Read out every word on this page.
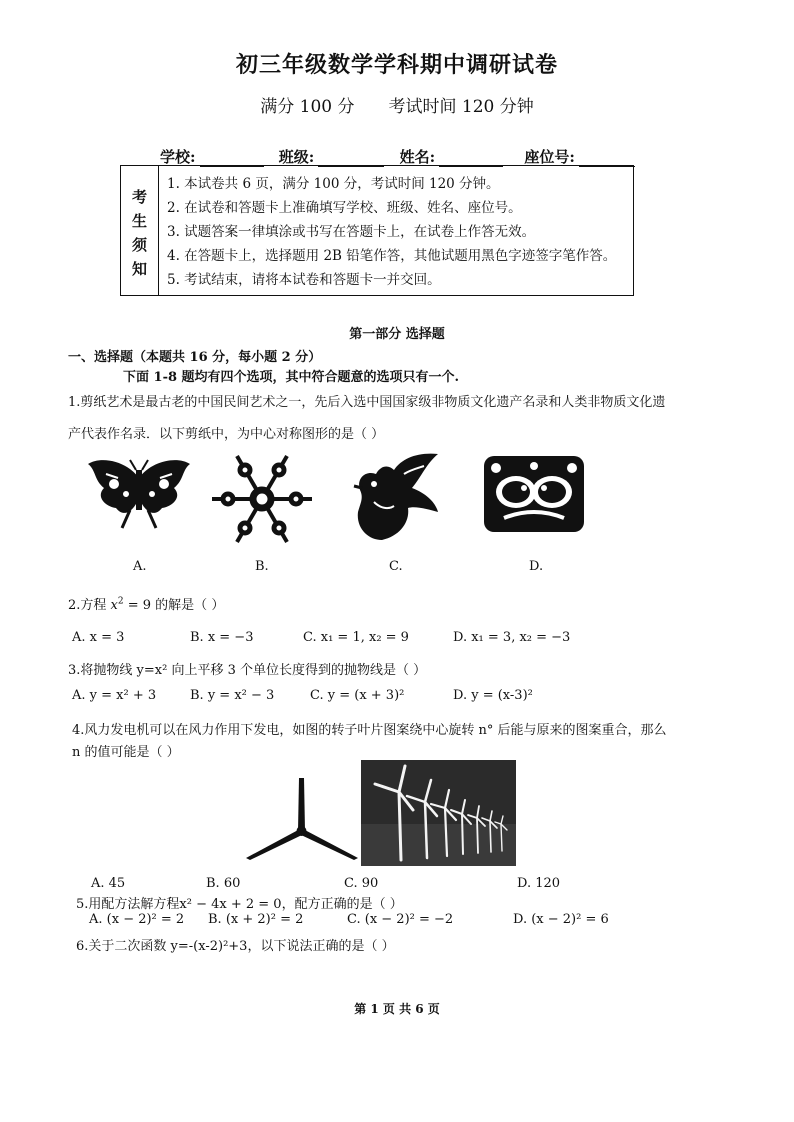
初三年级数学学科期中调研试卷
满分 100 分 考试时间 120 分钟
学校:	班级:	姓名:	座位号:
考
生
须
知
1. 本试卷共 6 页，满分 100 分，考试时间 120 分钟。
2. 在试卷和答题卡上准确填写学校、班级、姓名、座位号。
3. 试题答案一律填涂或书写在答题卡上，在试卷上作答无效。
4. 在答题卡上，选择题用 2B 铅笔作答，其他试题用黑色字迹签字笔作答。
5. 考试结束，请将本试卷和答题卡一并交回。
第一部分 选择题
一、选择题（本题共 16 分，每小题 2 分）
下面 1-8 题均有四个选项，其中符合题意的选项只有一个.
1.剪纸艺术是最古老的中国民间艺术之一，先后入选中国国家级非物质文化遗产名录和人类非物质文化遗
产代表作名录．以下剪纸中，为中心对称图形的是（ ）
A.	B.	C.	D.
2.方程 $x^2 = 9$ 的解是（ ）
A. x = 3	B. x = −3	C. x₁ = 1, x₂ = 9	D. x₁ = 3, x₂ = −3
3.将抛物线 y=x² 向上平移 3 个单位长度得到的抛物线是（ ）
A. y = x² + 3	B. y = x² − 3	C. y = (x + 3)²	D. y = (x-3)²
4.风力发电机可以在风力作用下发电，如图的转子叶片图案绕中心旋转 n° 后能与原来的图案重合，那么
n 的值可能是（ ）
A. 45	B. 60	C. 90	D. 120
5.用配方法解方程x² − 4x + 2 = 0，配方正确的是（ ）
A. (x − 2)² = 2 B. (x + 2)² = 2	C. (x − 2)² = −2	D. (x − 2)² = 6
6.关于二次函数 y=-(x-2)²+3，以下说法正确的是（ ）
第 1 页 共 6 页
